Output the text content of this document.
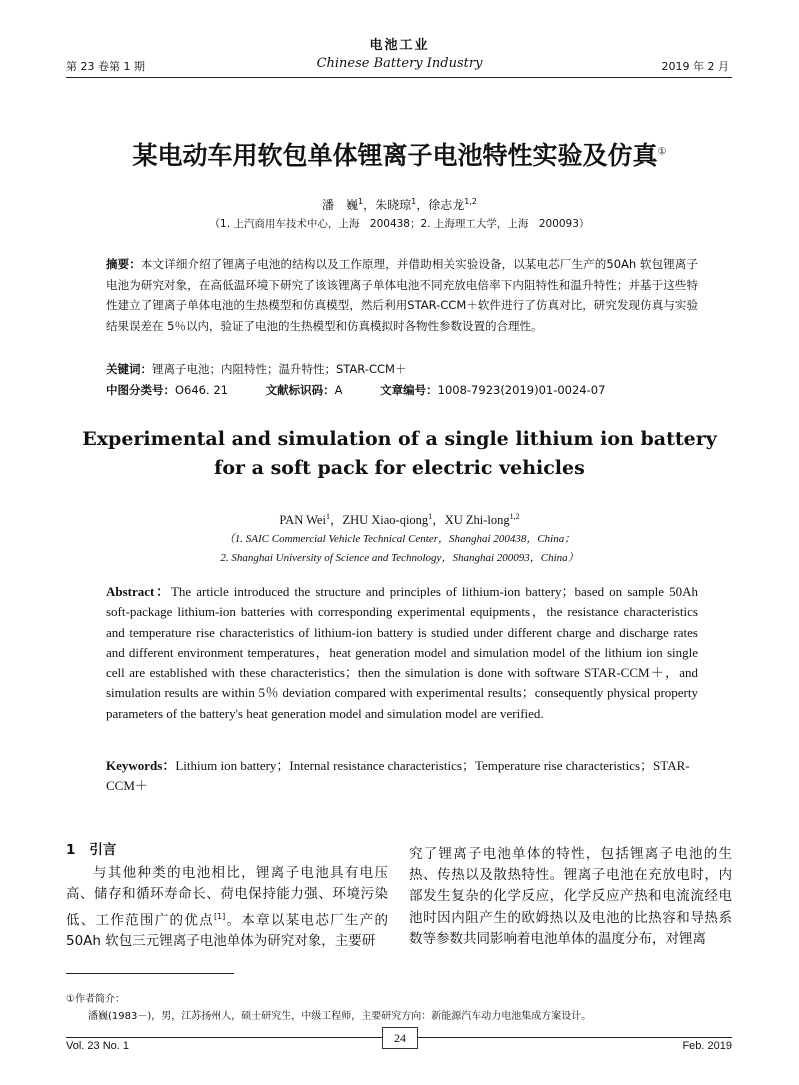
电池工业
第 23 卷第 1 期	Chinese Battery Industry	2019 年 2 月
某电动车用软包单体锂离子电池特性实验及仿真①
潘　巍$^1$，朱晓琼$^1$，徐志龙$^{1,2}$
（1. 上汽商用车技术中心，上海　200438；2. 上海理工大学，上海　200093）
摘要：本文详细介绍了锂离子电池的结构以及工作原理，并借助相关实验设备，以某电芯厂生产的50Ah 软包锂离子电池为研究对象，在高低温环境下研究了该该锂离子单体电池不同充放电倍率下内阻特性和温升特性；并基于这些特性建立了锂离子单体电池的生热模型和仿真模型，然后利用STAR-CCM＋软件进行了仿真对比，研究发现仿真与实验结果误差在 5％以内，验证了电池的生热模型和仿真模拟时各物性参数设置的合理性。
关键词：锂离子电池；内阻特性；温升特性；STAR-CCM＋
中图分类号：O646. 21	文献标识码：A	文章编号：1008-7923(2019)01-0024-07
Experimental and simulation of a single lithium ion battery
for a soft pack for electric vehicles
PAN Wei$^1$，ZHU Xiao-qiong$^1$，XU Zhi-long$^{1,2}$
（1. SAIC Commercial Vehicle Technical Center，Shanghai 200438，China；
2. Shanghai University of Science and Technology，Shanghai 200093，China）
Abstract：The article introduced the structure and principles of lithium-ion battery；based on sample 50Ah soft-package lithium-ion batteries with corresponding experimental equipments，the resistance characteristics and temperature rise characteristics of lithium-ion battery is studied under different charge and discharge rates and different environment temperatures，heat generation model and simulation model of the lithium ion single cell are established with these characteristics；then the simulation is done with software STAR-CCM＋，and simulation results are within 5％ deviation compared with experimental results；consequently physical property parameters of the battery's heat generation model and simulation model are verified.
Keywords：Lithium ion battery；Internal resistance characteristics；Temperature rise characteristics；STAR-CCM＋
1 引言
与其他种类的电池相比，锂离子电池具有电压高、储存和循环寿命长、荷电保持能力强、环境污染低、工作范围广的优点[1]。本章以某电芯厂生产的50Ah 软包三元锂离子电池单体为研究对象，主要研
究了锂离子电池单体的特性，包括锂离子电池的生热、传热以及散热特性。锂离子电池在充放电时，内部发生复杂的化学反应，化学反应产热和电流流经电池时因内阻产生的欧姆热以及电池的比热容和导热系数等参数共同影响着电池单体的温度分布，对锂离
①作者简介：
潘巍(1983－)，男，江苏扬州人，硕士研究生，中级工程师，主要研究方向：新能源汽车动力电池集成方案设计。
Vol. 23 No. 1
24
Feb. 2019
